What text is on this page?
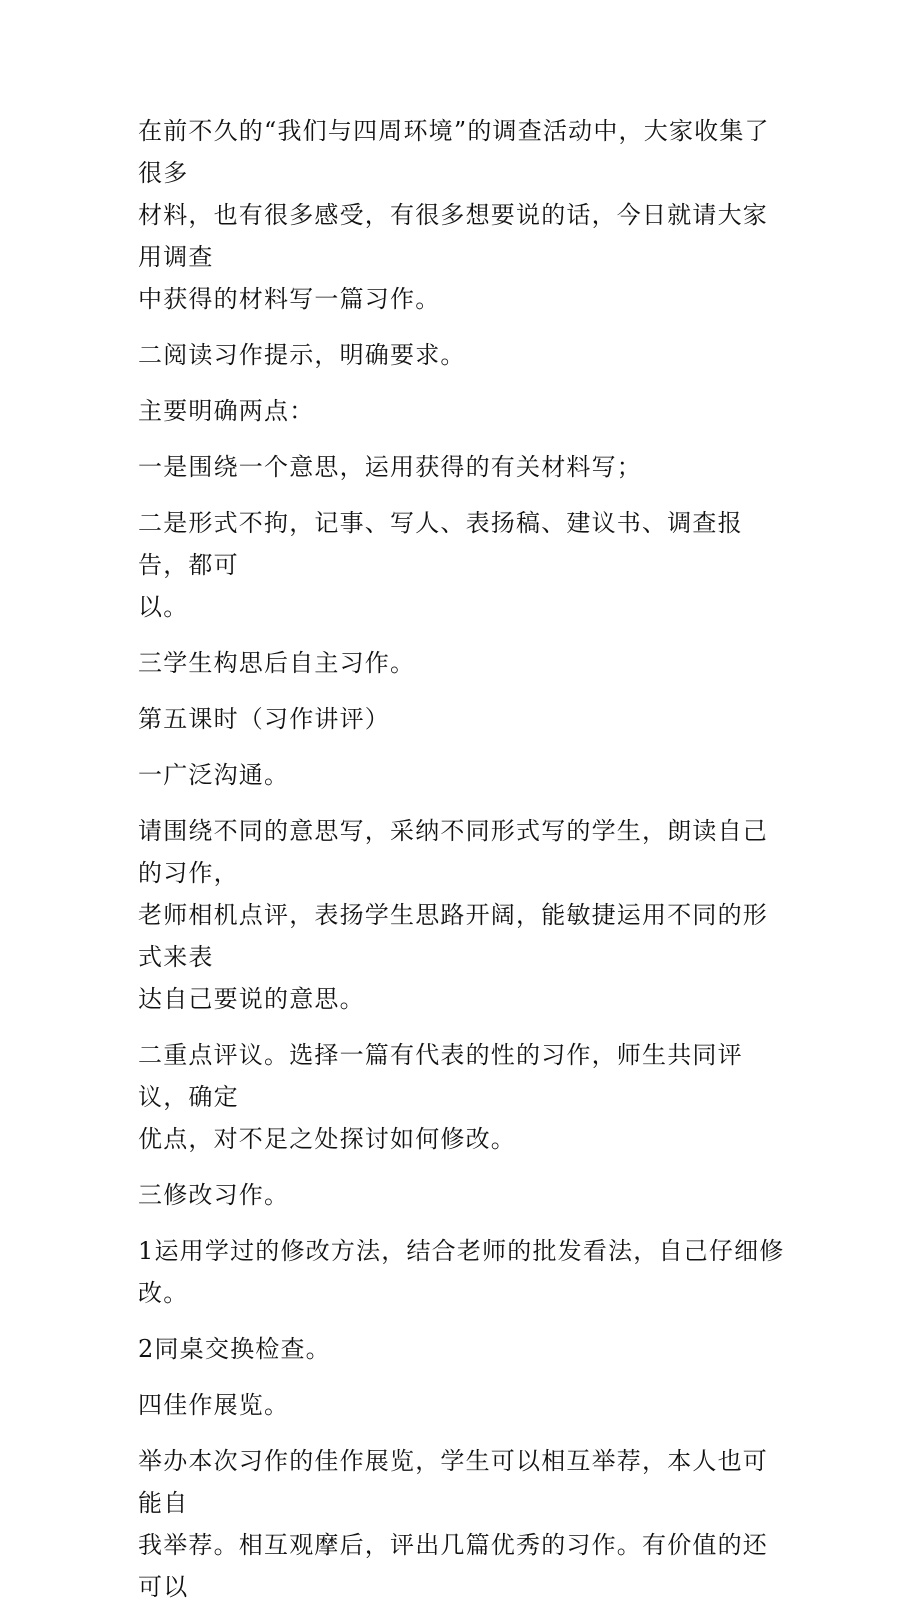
在前不久的“我们与四周环境”的调查活动中，大家收集了很多
材料，也有很多感受，有很多想要说的话，今日就请大家用调查
中获得的材料写一篇习作。
二阅读习作提示，明确要求。
主要明确两点：
一是围绕一个意思，运用获得的有关材料写；
二是形式不拘，记事、写人、表扬稿、建议书、调查报告，都可
以。
三学生构思后自主习作。
第五课时（习作讲评）
一广泛沟通。
请围绕不同的意思写，采纳不同形式写的学生，朗读自己的习作，
老师相机点评，表扬学生思路开阔，能敏捷运用不同的形式来表
达自己要说的意思。
二重点评议。选择一篇有代表的性的习作，师生共同评议，确定
优点，对不足之处探讨如何修改。
三修改习作。
1运用学过的修改方法，结合老师的批发看法，自己仔细修改。
2同桌交换检查。
四佳作展览。
举办本次习作的佳作展览，学生可以相互举荐，本人也可能自
我举荐。相互观摩后，评出几篇优秀的习作。有价值的还可以
